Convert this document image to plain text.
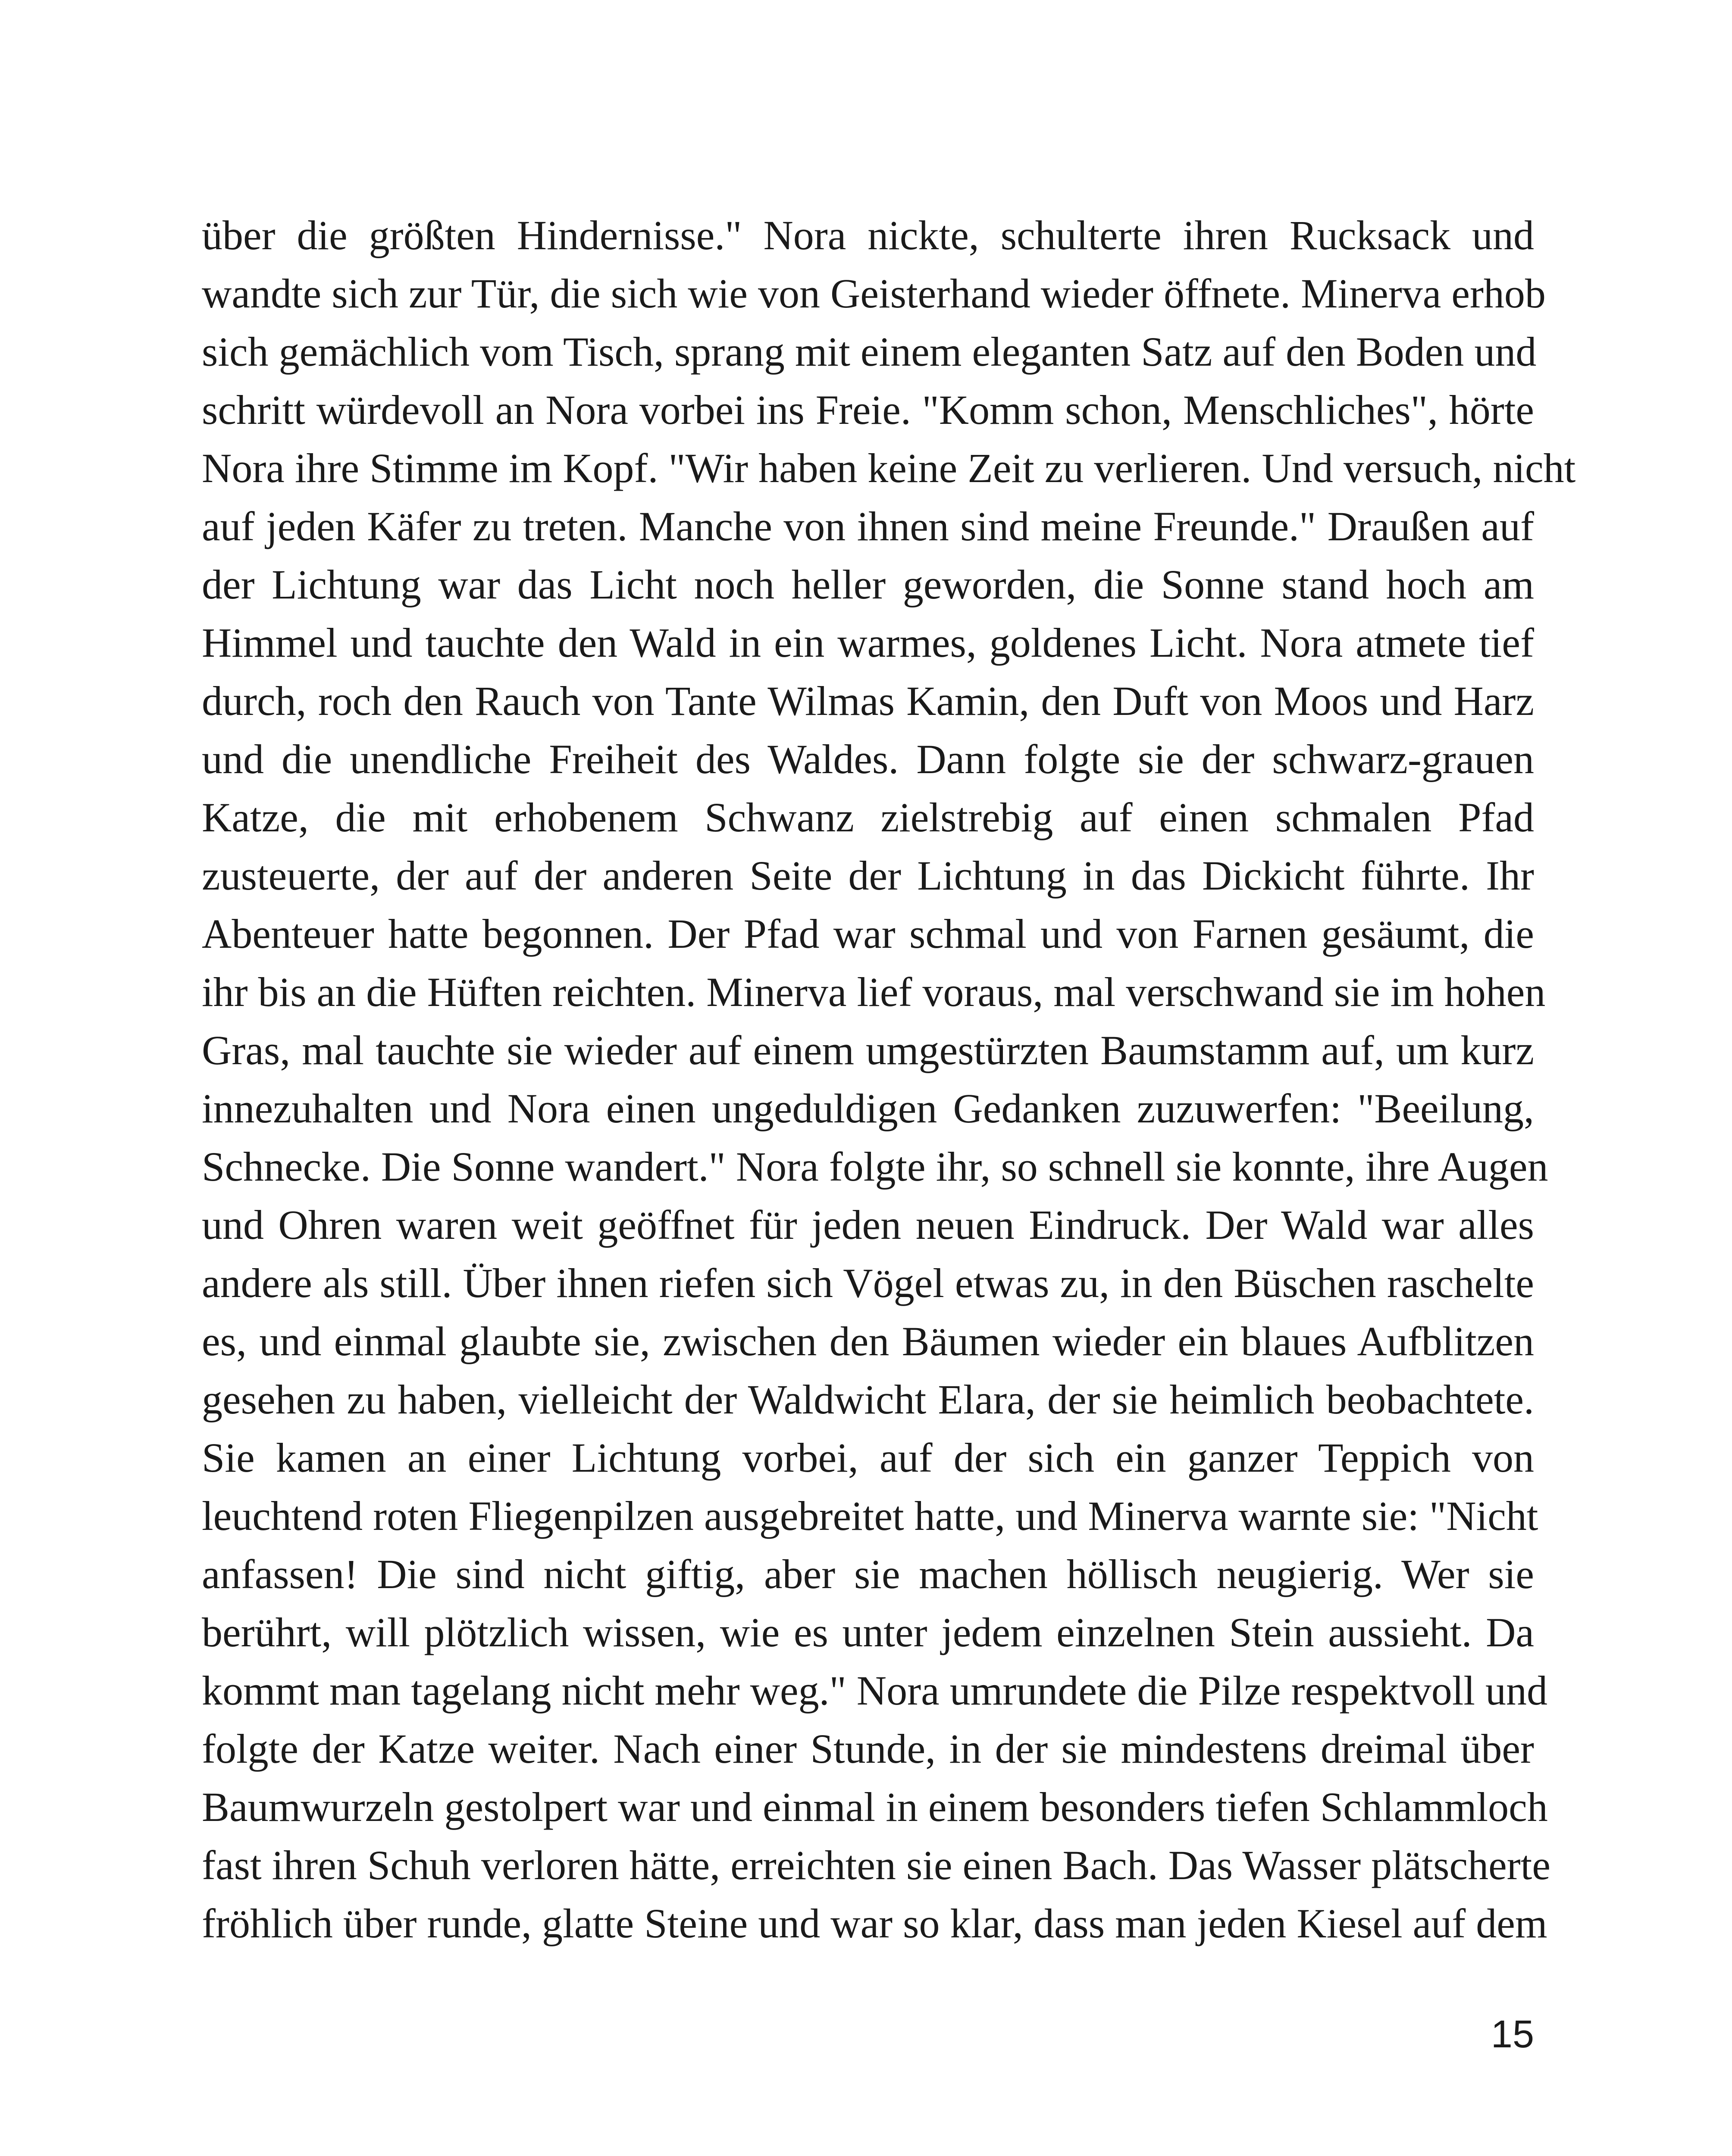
über die größten Hindernisse." Nora nickte, schulterte ihren Rucksack und
wandte sich zur Tür, die sich wie von Geisterhand wieder öffnete. Minerva erhob
sich gemächlich vom Tisch, sprang mit einem eleganten Satz auf den Boden und
schritt würdevoll an Nora vorbei ins Freie. "Komm schon, Menschliches", hörte
Nora ihre Stimme im Kopf. "Wir haben keine Zeit zu verlieren. Und versuch, nicht
auf jeden Käfer zu treten. Manche von ihnen sind meine Freunde." Draußen auf
der Lichtung war das Licht noch heller geworden, die Sonne stand hoch am
Himmel und tauchte den Wald in ein warmes, goldenes Licht. Nora atmete tief
durch, roch den Rauch von Tante Wilmas Kamin, den Duft von Moos und Harz
und die unendliche Freiheit des Waldes. Dann folgte sie der schwarz-grauen
Katze, die mit erhobenem Schwanz zielstrebig auf einen schmalen Pfad
zusteuerte, der auf der anderen Seite der Lichtung in das Dickicht führte. Ihr
Abenteuer hatte begonnen. Der Pfad war schmal und von Farnen gesäumt, die
ihr bis an die Hüften reichten. Minerva lief voraus, mal verschwand sie im hohen
Gras, mal tauchte sie wieder auf einem umgestürzten Baumstamm auf, um kurz
innezuhalten und Nora einen ungeduldigen Gedanken zuzuwerfen: "Beeilung,
Schnecke. Die Sonne wandert." Nora folgte ihr, so schnell sie konnte, ihre Augen
und Ohren waren weit geöffnet für jeden neuen Eindruck. Der Wald war alles
andere als still. Über ihnen riefen sich Vögel etwas zu, in den Büschen raschelte
es, und einmal glaubte sie, zwischen den Bäumen wieder ein blaues Aufblitzen
gesehen zu haben, vielleicht der Waldwicht Elara, der sie heimlich beobachtete.
Sie kamen an einer Lichtung vorbei, auf der sich ein ganzer Teppich von
leuchtend roten Fliegenpilzen ausgebreitet hatte, und Minerva warnte sie: "Nicht
anfassen! Die sind nicht giftig, aber sie machen höllisch neugierig. Wer sie
berührt, will plötzlich wissen, wie es unter jedem einzelnen Stein aussieht. Da
kommt man tagelang nicht mehr weg." Nora umrundete die Pilze respektvoll und
folgte der Katze weiter. Nach einer Stunde, in der sie mindestens dreimal über
Baumwurzeln gestolpert war und einmal in einem besonders tiefen Schlammloch
fast ihren Schuh verloren hätte, erreichten sie einen Bach. Das Wasser plätscherte
fröhlich über runde, glatte Steine und war so klar, dass man jeden Kiesel auf dem
15
